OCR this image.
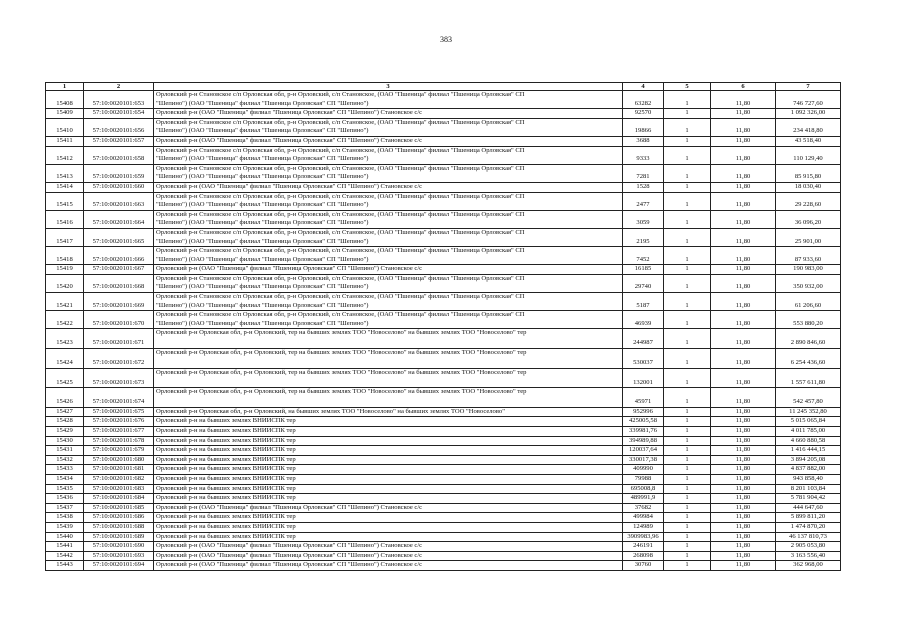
383
1	2	3	4	5	6	7
15408	57:10:0020101:653	Орловский р-н Становское с/п Орловская обл, р-н Орловский, с/п Становское, (ОАО "Пшеница" филиал "Пшеница Орловская" СП
"Шепино") (ОАО "Пшеница" филиал "Пшеница Орловская" СП "Шепино")	63282	1	11,80	746 727,60
15409	57:10:0020101:654	Орловский р-н (ОАО "Пшеница" филиал "Пшеница Орловская" СП "Шепино") Становское с/с	92570	1	11,80	1 092 326,00
15410	57:10:0020101:656	Орловский р-н Становское с/п Орловская обл, р-н Орловский, с/п Становское, (ОАО "Пшеница" филиал "Пшеница Орловская" СП
"Шепино") (ОАО "Пшеница" филиал "Пшеница Орловская" СП "Шепино")	19866	1	11,80	234 418,80
15411	57:10:0020101:657	Орловский р-н (ОАО "Пшеница" филиал "Пшеница Орловская" СП "Шепино") Становское с/с	3688	1	11,80	43 518,40
15412	57:10:0020101:658	Орловский р-н Становское с/п Орловская обл, р-н Орловский, с/п Становское, (ОАО "Пшеница" филиал "Пшеница Орловская" СП
"Шепино") (ОАО "Пшеница" филиал "Пшеница Орловская" СП "Шепино")	9333	1	11,80	110 129,40
15413	57:10:0020101:659	Орловский р-н Становское с/п Орловская обл, р-н Орловский, с/п Становское, (ОАО "Пшеница" филиал "Пшеница Орловская" СП
"Шепино") (ОАО "Пшеница" филиал "Пшеница Орловская" СП "Шепино")	7281	1	11,80	85 915,80
15414	57:10:0020101:660	Орловский р-н (ОАО "Пшеница" филиал "Пшеница Орловская" СП "Шепино") Становское с/с	1528	1	11,80	18 030,40
15415	57:10:0020101:663	Орловский р-н Становское с/п Орловская обл, р-н Орловский, с/п Становское, (ОАО "Пшеница" филиал "Пшеница Орловская" СП
"Шепино") (ОАО "Пшеница" филиал "Пшеница Орловская" СП "Шепино")	2477	1	11,80	29 228,60
15416	57:10:0020101:664	Орловский р-н Становское с/п Орловская обл, р-н Орловский, с/п Становское, (ОАО "Пшеница" филиал "Пшеница Орловская" СП
"Шепино") (ОАО "Пшеница" филиал "Пшеница Орловская" СП "Шепино")	3059	1	11,80	36 096,20
15417	57:10:0020101:665	Орловский р-н Становское с/п Орловская обл, р-н Орловский, с/п Становское, (ОАО "Пшеница" филиал "Пшеница Орловская" СП
"Шепино") (ОАО "Пшеница" филиал "Пшеница Орловская" СП "Шепино")	2195	1	11,80	25 901,00
15418	57:10:0020101:666	Орловский р-н Становское с/п Орловская обл, р-н Орловский, с/п Становское, (ОАО "Пшеница" филиал "Пшеница Орловская" СП
"Шепино") (ОАО "Пшеница" филиал "Пшеница Орловская" СП "Шепино")	7452	1	11,80	87 933,60
15419	57:10:0020101:667	Орловский р-н (ОАО "Пшеница" филиал "Пшеница Орловская" СП "Шепино") Становское с/с	16185	1	11,80	190 983,00
15420	57:10:0020101:668	Орловский р-н Становское с/п Орловская обл, р-н Орловский, с/п Становское, (ОАО "Пшеница" филиал "Пшеница Орловская" СП
"Шепино") (ОАО "Пшеница" филиал "Пшеница Орловская" СП "Шепино")	29740	1	11,80	350 932,00
15421	57:10:0020101:669	Орловский р-н Становское с/п Орловская обл, р-н Орловский, с/п Становское, (ОАО "Пшеница" филиал "Пшеница Орловская" СП
"Шепино") (ОАО "Пшеница" филиал "Пшеница Орловская" СП "Шепино")	5187	1	11,80	61 206,60
15422	57:10:0020101:670	Орловский р-н Становское с/п Орловская обл, р-н Орловский, с/п Становское, (ОАО "Пшеница" филиал "Пшеница Орловская" СП
"Шепино") (ОАО "Пшеница" филиал "Пшеница Орловская" СП "Шепино")	46939	1	11,80	553 880,20
15423	57:10:0020101:671	Орловский р-н Орловская обл, р-н Орловский, тер на бывших землях ТОО "Новоселово" на бывших землях ТОО "Новоселово" тер	244987	1	11,80	2 890 846,60
15424	57:10:0020101:672	Орловский р-н Орловская обл, р-н Орловский, тер на бывших землях ТОО "Новоселово" на бывших землях ТОО "Новоселово" тер	530037	1	11,80	6 254 436,60
15425	57:10:0020101:673	Орловский р-н Орловская обл, р-н Орловский, тер на бывших землях ТОО "Новоселово" на бывших землях ТОО "Новоселово" тер	132001	1	11,80	1 557 611,80
15426	57:10:0020101:674	Орловский р-н Орловская обл, р-н Орловский, тер на бывших землях ТОО "Новоселово" на бывших землях ТОО "Новоселово" тер	45971	1	11,80	542 457,80
15427	57:10:0020101:675	Орловский р-н Орловская обл, р-н Орловский, на бывших землях ТОО "Новоселово" на бывших землях ТОО "Новоселово"	952996	1	11,80	11 245 352,80
15428	57:10:0020101:676	Орловский р-н на бывших землях ВНИИСПК тер	425005,58	1	11,80	5 015 065,84
15429	57:10:0020101:677	Орловский р-н на бывших землях ВНИИСПК тер	339981,76	1	11,80	4 011 785,00
15430	57:10:0020101:678	Орловский р-н на бывших землях ВНИИСПК тер	394989,88	1	11,80	4 660 880,58
15431	57:10:0020101:679	Орловский р-н на бывших землях ВНИИСПК тер	120037,64	1	11,80	1 416 444,15
15432	57:10:0020101:680	Орловский р-н на бывших землях ВНИИСПК тер	330017,38	1	11,80	3 894 205,08
15433	57:10:0020101:681	Орловский р-н на бывших землях ВНИИСПК тер	409990	1	11,80	4 837 882,00
15434	57:10:0020101:682	Орловский р-н на бывших землях ВНИИСПК тер	79988	1	11,80	943 858,40
15435	57:10:0020101:683	Орловский р-н на бывших землях ВНИИСПК тер	695008,8	1	11,80	8 201 103,84
15436	57:10:0020101:684	Орловский р-н на бывших землях ВНИИСПК тер	489991,9	1	11,80	5 781 904,42
15437	57:10:0020101:685	Орловский р-н (ОАО "Пшеница" филиал "Пшеница Орловская" СП "Шепино") Становское с/с	37682	1	11,80	444 647,60
15438	57:10:0020101:686	Орловский р-н на бывших землях ВНИИСПК тер	499984	1	11,80	5 899 811,20
15439	57:10:0020101:688	Орловский р-н на бывших землях ВНИИСПК тер	124989	1	11,80	1 474 870,20
15440	57:10:0020101:689	Орловский р-н на бывших землях ВНИИСПК тер	3909983,96	1	11,80	46 137 810,73
15441	57:10:0020101:690	Орловский р-н (ОАО "Пшеница" филиал "Пшеница Орловская" СП "Шепино") Становское с/с	246191	1	11,80	2 905 053,80
15442	57:10:0020101:693	Орловский р-н (ОАО "Пшеница" филиал "Пшеница Орловская" СП "Шепино") Становское с/с	268098	1	11,80	3 163 556,40
15443	57:10:0020101:694	Орловский р-н (ОАО "Пшеница" филиал "Пшеница Орловская" СП "Шепино") Становское с/с	30760	1	11,80	362 968,00
